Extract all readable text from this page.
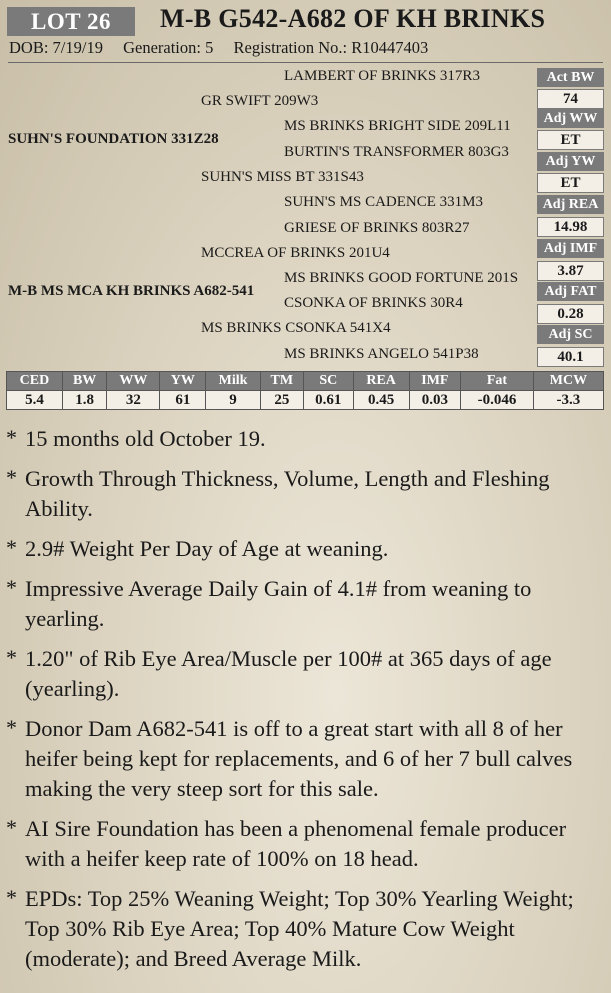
LOT 26	M-B G542-A682 OF KH BRINKS
DOB: 7/19/19 Generation: 5 Registration No.: R10447403
LAMBERT OF BRINKS 317R3
GR SWIFT 209W3
MS BRINKS BRIGHT SIDE 209L11
SUHN'S FOUNDATION 331Z28
BURTIN'S TRANSFORMER 803G3
SUHN'S MISS BT 331S43
SUHN'S MS CADENCE 331M3
GRIESE OF BRINKS 803R27
MCCREA OF BRINKS 201U4
MS BRINKS GOOD FORTUNE 201S
M-B MS MCA KH BRINKS A682-541
CSONKA OF BRINKS 30R4
MS BRINKS CSONKA 541X4
MS BRINKS ANGELO 541P38
Act BW
74
Adj WW
ET
Adj YW
ET
Adj REA
14.98
Adj IMF
3.87
Adj FAT
0.28
Adj SC
40.1
CED	BW	WW	YW	Milk	TM	SC	REA	IMF	Fat	MCW
5.4	1.8	32	61	9	25	0.61	0.45	0.03	-0.046	-3.3
* 15 months old October 19.
* Growth Through Thickness, Volume, Length and Fleshing Ability.
* 2.9# Weight Per Day of Age at weaning.
* Impressive Average Daily Gain of 4.1# from weaning to yearling.
* 1.20" of Rib Eye Area/Muscle per 100# at 365 days of age (yearling).
* Donor Dam A682-541 is off to a great start with all 8 of her heifer being kept for replacements, and 6 of her 7 bull calves making the very steep sort for this sale.
* AI Sire Foundation has been a phenomenal female producer with a heifer keep rate of 100% on 18 head.
* EPDs: Top 25% Weaning Weight; Top 30% Yearling Weight; Top 30% Rib Eye Area; Top 40% Mature Cow Weight (moderate); and Breed Average Milk.
